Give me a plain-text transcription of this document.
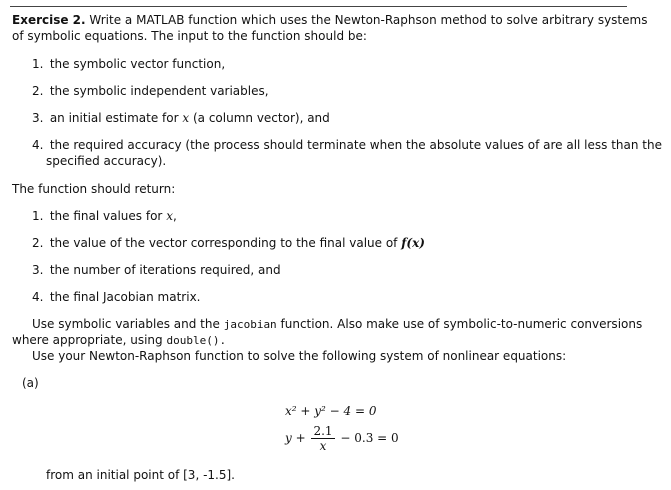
Exercise 2. Write a MATLAB function which uses the Newton-Raphson method to solve arbitrary systems

of symbolic equations. The input to the function should be:

1. the symbolic vector function,

2. the symbolic independent variables,

3. an initial estimate for x (a column vector), and

4. the required accuracy (the process should terminate when the absolute values of are all less than the

specified accuracy).

The function should return:

1. the final values for x,

2. the value of the vector corresponding to the final value of f(x)

3. the number of iterations required, and

4. the final Jacobian matrix.

Use symbolic variables and the jacobian function. Also make use of symbolic-to-numeric conversions

where appropriate, using double().

Use your Newton-Raphson function to solve the following system of nonlinear equations:

(a)

x² + y² − 4 = 0
$y + \frac{2.1}{x} - 0.3 = 0$

from an initial point of [3, -1.5].
